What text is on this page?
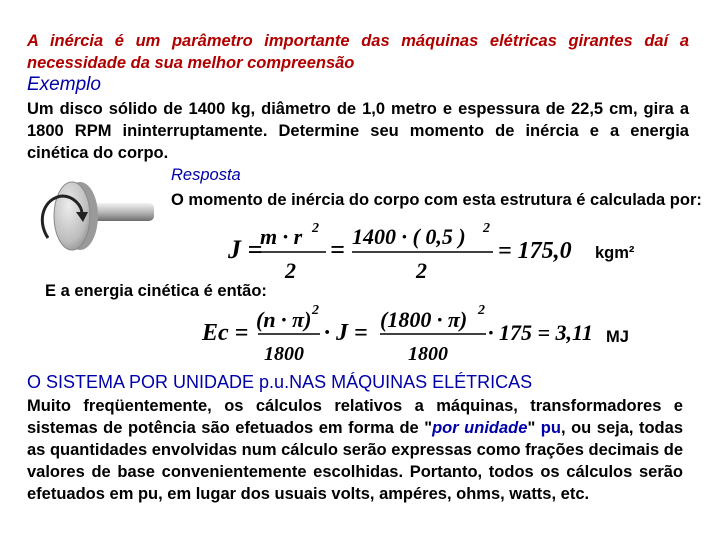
A inércia é um parâmetro importante das máquinas elétricas girantes daí a necessidade da sua melhor compreensão
Exemplo
Um disco sólido de 1400 kg, diâmetro de 1,0 metro e espessura de 22,5 cm, gira a 1800 RPM ininterruptamente. Determine seu momento de inércia e a energia cinética do corpo.
Resposta
O momento de inércia do corpo com esta estrutura é calculada por:
J =
m · r 2
2
= 1400 · ( 0,5 ) 2
2
= 175,0 kgm²
E a energia cinética é então:
Ec =
(n · π) 2
1800
· J =
(1800 · π) 2
1800
· 175 = 3,11 MJ
O SISTEMA POR UNIDADE p.u.NAS MÁQUINAS ELÉTRICAS
Muito freqüentemente, os cálculos relativos a máquinas, transformadores e sistemas de potência são efetuados em forma de "por unidade" pu, ou seja, todas as quantidades envolvidas num cálculo serão expressas como frações decimais de valores de base convenientemente escolhidas. Portanto, todos os cálculos serão efetuados em pu, em lugar dos usuais volts, ampéres, ohms, watts, etc.
